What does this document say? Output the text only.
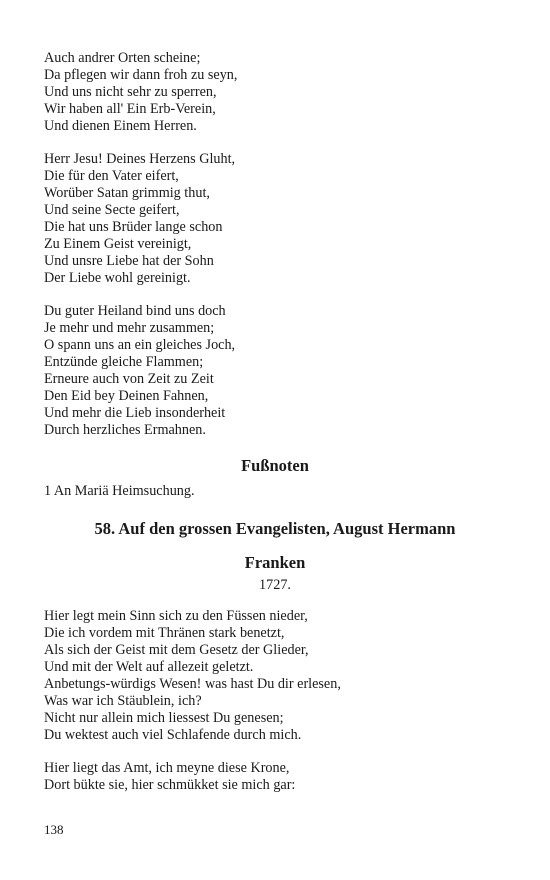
Auch andrer Orten scheine;
Da pflegen wir dann froh zu seyn,
Und uns nicht sehr zu sperren,
Wir haben all' Ein Erb-Verein,
Und dienen Einem Herren.
Herr Jesu! Deines Herzens Gluht,
Die für den Vater eifert,
Worüber Satan grimmig thut,
Und seine Secte geifert,
Die hat uns Brüder lange schon
Zu Einem Geist vereinigt,
Und unsre Liebe hat der Sohn
Der Liebe wohl gereinigt.
Du guter Heiland bind uns doch
Je mehr und mehr zusammen;
O spann uns an ein gleiches Joch,
Entzünde gleiche Flammen;
Erneure auch von Zeit zu Zeit
Den Eid bey Deinen Fahnen,
Und mehr die Lieb insonderheit
Durch herzliches Ermahnen.
Fußnoten
1 An Mariä Heimsuchung.
58. Auf den grossen Evangelisten, August Hermann
Franken
1727.
Hier legt mein Sinn sich zu den Füssen nieder,
Die ich vordem mit Thränen stark benetzt,
Als sich der Geist mit dem Gesetz der Glieder,
Und mit der Welt auf allezeit geletzt.
Anbetungs-würdigs Wesen! was hast Du dir erlesen,
Was war ich Stäublein, ich?
Nicht nur allein mich liessest Du genesen;
Du wektest auch viel Schlafende durch mich.
Hier liegt das Amt, ich meyne diese Krone,
Dort bükte sie, hier schmükket sie mich gar:
138
